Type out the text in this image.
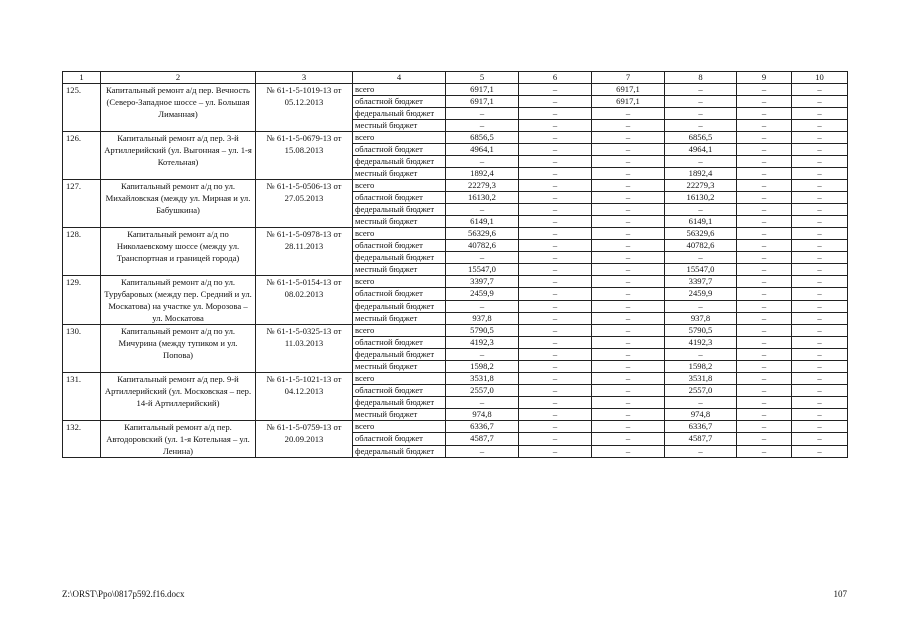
1	2	3	4	5	6	7	8	9	10
125.	Капитальный ремонт а/д пер. Вечность (Северо-Западное шоссе – ул. Большая Лиманная)	№ 61-1-5-1019-13 от 05.12.2013	всего	6917,1	–	6917,1	–	–	–
			областной бюджет	6917,1	–	6917,1	–	–	–
			федеральный бюджет	–	–	–	–	–	–
			местный бюджет	–	–	–	–	–	–
126.	Капитальный ремонт а/д пер. 3-й Артиллерийский (ул. Выгонная – ул. 1-я Котельная)	№ 61-1-5-0679-13 от 15.08.2013	всего	6856,5	–	–	6856,5	–	–
			областной бюджет	4964,1	–	–	4964,1	–	–
			федеральный бюджет	–	–	–	–	–	–
			местный бюджет	1892,4	–	–	1892,4	–	–
127.	Капитальный ремонт а/д по ул. Михайловская (между ул. Мирная и ул. Бабушкина)	№ 61-1-5-0506-13 от 27.05.2013	всего	22279,3	–	–	22279,3	–	–
			областной бюджет	16130,2	–	–	16130,2	–	–
			федеральный бюджет	–	–	–	–	–	–
			местный бюджет	6149,1	–	–	6149,1	–	–
128.	Капитальный ремонт а/д по Николаевскому шоссе (между ул. Транспортная и границей города)	№ 61-1-5-0978-13 от 28.11.2013	всего	56329,6	–	–	56329,6	–	–
			областной бюджет	40782,6	–	–	40782,6	–	–
			федеральный бюджет	–	–	–	–	–	–
			местный бюджет	15547,0	–	–	15547,0	–	–
129.	Капитальный ремонт а/д по ул. Турубаровых (между пер. Средний и ул. Москатова) на участке ул. Морозова – ул. Москатова	№ 61-1-5-0154-13 от 08.02.2013	всего	3397,7	–	–	3397,7	–	–
			областной бюджет	2459,9	–	–	2459,9	–	–
			федеральный бюджет	–	–	–	–	–	–
			местный бюджет	937,8	–	–	937,8	–	–
130.	Капитальный ремонт а/д по ул. Мичурина (между тупиком и ул. Попова)	№ 61-1-5-0325-13 от 11.03.2013	всего	5790,5	–	–	5790,5	–	–
			областной бюджет	4192,3	–	–	4192,3	–	–
			федеральный бюджет	–	–	–	–	–	–
			местный бюджет	1598,2	–	–	1598,2	–	–
131.	Капитальный ремонт а/д пер. 9-й Артиллерийский (ул. Московская – пер. 14-й Артиллерийский)	№ 61-1-5-1021-13 от 04.12.2013	всего	3531,8	–	–	3531,8	–	–
			областной бюджет	2557,0	–	–	2557,0	–	–
			федеральный бюджет	–	–	–	–	–	–
			местный бюджет	974,8	–	–	974,8	–	–
132.	Капитальный ремонт а/д пер. Автодоровский (ул. 1-я Котельная – ул. Ленина)	№ 61-1-5-0759-13 от 20.09.2013	всего	6336,7	–	–	6336,7	–	–
			областной бюджет	4587,7	–	–	4587,7	–	–
			федеральный бюджет	–	–	–	–	–	–
Z:\ORST\Ppo\0817p592.f16.docx	107
